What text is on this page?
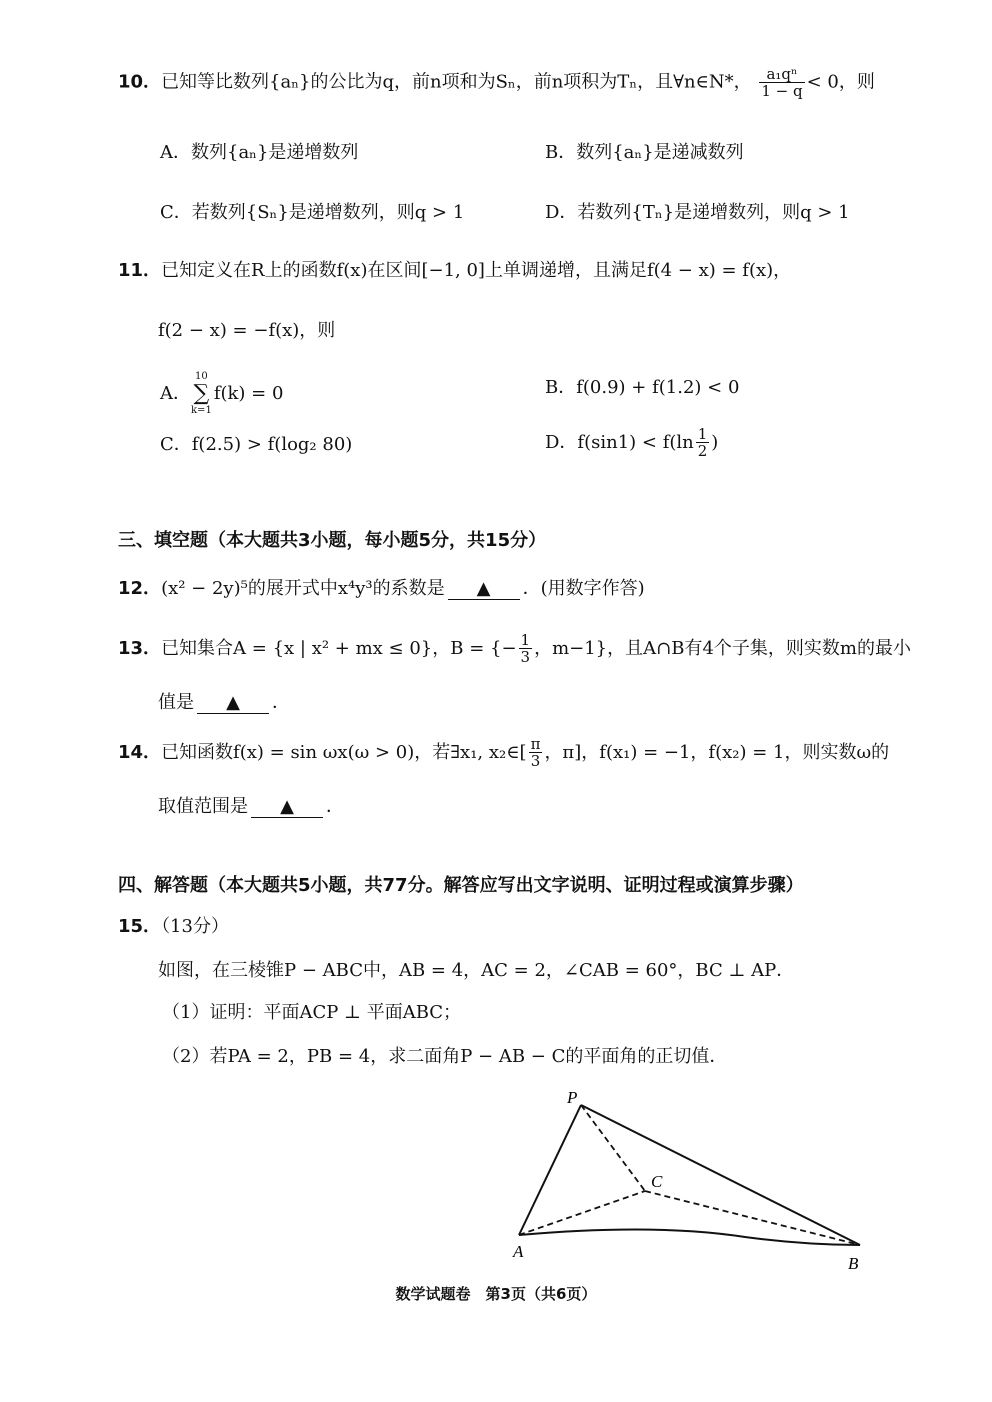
10．已知等比数列{aₙ}的公比为q，前n项和为Sₙ，前n项积为Tₙ，且∀n∈N*， $\frac{\text{a₁qⁿ}}{1 - q} < 0$，则
A．数列{aₙ}是递增数列	B．数列{aₙ}是递减数列
C．若数列{Sₙ}是递增数列，则q > 1	D．若数列{Tₙ}是递增数列，则q > 1
11．已知定义在R上的函数f(x)在区间[−1, 0]上单调递增，且满足f(4 − x) = f(x)，
f(2 − x) = −f(x)，则
A．
10
∑
k=1
f(k) = 0	B．f(0.9) + f(1.2) < 0
C．f(2.5) > f(log₂ 80)	D．$f(\sin 1) < f(\ln \frac{1}{2}$ )
三、填空题（本大题共3小题，每小题5分，共15分）
12．(x² − 2y)⁵的展开式中x⁴y³的系数是 ▲ ．(用数字作答)
13． 已知集合A = {x | x² + mx ≤ 0}，B = {− $\frac{1}{3}$ ，m−1}，且A∩B有4个子集，则实数m的最小
值是 ▲ ．
14． 已知函数f(x) = sin ωx(ω > 0)，若∃x₁, x₂∈[ $\frac{\pi}{3}$ ，π]，f(x₁) = −1，f(x₂) = 1，则实数ω的
取值范围是 ▲ ．
四、解答题（本大题共5小题，共77分。解答应写出文字说明、证明过程或演算步骤）
15．（13分）
如图，在三棱锥P − ABC中，AB = 4，AC = 2，∠CAB = 60°，BC ⊥ AP．
（1）证明：平面ACP ⊥ 平面ABC；
（2）若PA = 2，PB = 4，求二面角P − AB − C的平面角的正切值．
P
C
A
B
数学试题卷　第3页（共6页）
